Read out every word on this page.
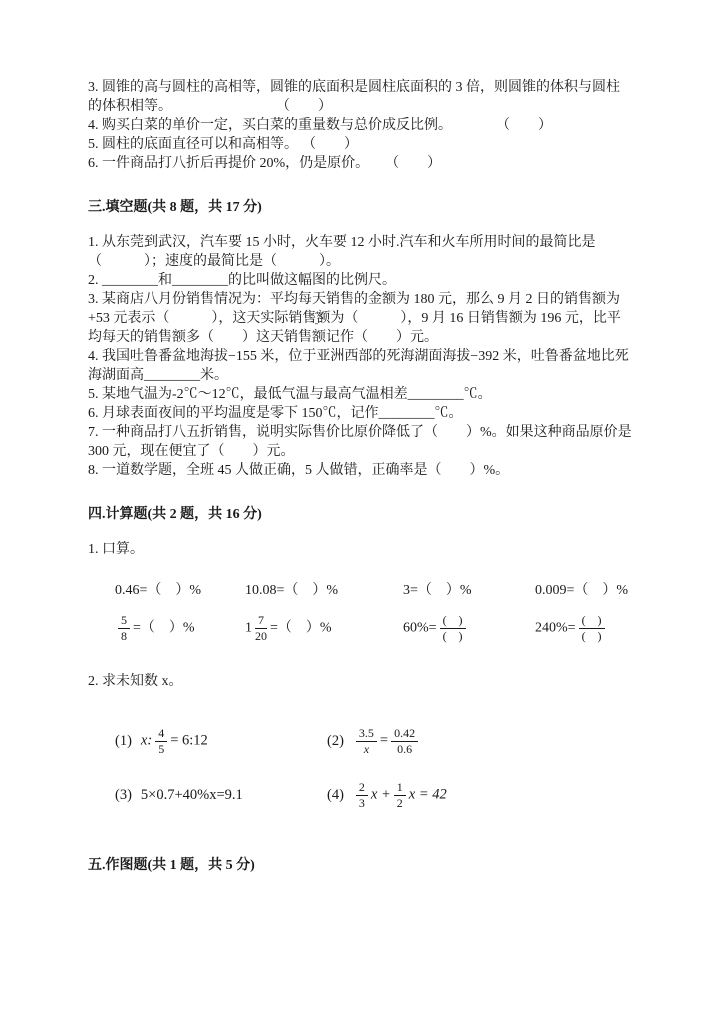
3. 圆锥的高与圆柱的高相等，圆锥的底面积是圆柱底面积的 3 倍，则圆锥的体积与圆柱的体积相等。	（　　）

4. 购买白菜的单价一定，买白菜的重量数与总价成反比例。	（　　）

5. 圆柱的底面直径可以和高相等。 （　　）

6. 一件商品打八折后再提价 20%，仍是原价。 （　　）

三.填空题(共 8 题，共 17 分)

1. 从东莞到武汉，汽车要 15 小时，火车要 12 小时.汽车和火车所用时间的最简比是（　　　）；速度的最简比是（　　　）。

2. ________和________的比叫做这幅图的比例尺。

3. 某商店八月份销售情况为：平均每天销售的金额为 180 元，那么 9 月 2 日的销售额为+53 元表示（　　　），这天实际销售҈额为（　　　），9 月 16 日销售额为 196 元，比平均每天的销售额多（　　）这天销售额记作（　　）元。

4. 我国吐鲁番盆地海拔−155 米，位于亚洲西部的死海湖面海拔−392 米，吐鲁番盆地比死海湖面高________米。

5. 某地气温为-2℃～12℃，最低气温与最高气温相差________℃。

6. 月球表面夜间的平均温度是零下 150℃，记作________℃。

7. 一种商品打八五折销售，说明实际售价比原价降低了（　　）%。如果这种商品原价是 300 元，现在便宜了（　　）元。

8. 一道数学题，全班 45 人做正确，5 人做错，正确率是（　　）%。

四.计算题(共 2 题，共 16 分)

1. 口算。

0.46=（　）%	10.08=（　）%	3=（　）%	0.009=（　）%
$\frac{5}{8}$ =（　）%	$1 \frac{7}{20}$ =（　）%	$60\%= \frac{( )}{( )}$	$240\%= \frac{( )}{( )}$

2. 求未知数 x。

(1) x: $\frac{4}{5}$ = 6:12	$(2) \frac{3.5}{x} = \frac{0.42}{0.6}$
(3) 5×0.7+40%x=9.1	$(4) \frac{2}{3}$ $x + \frac{1}{2}$ x = 42
五.作图题(共 1 题，共 5 分)
